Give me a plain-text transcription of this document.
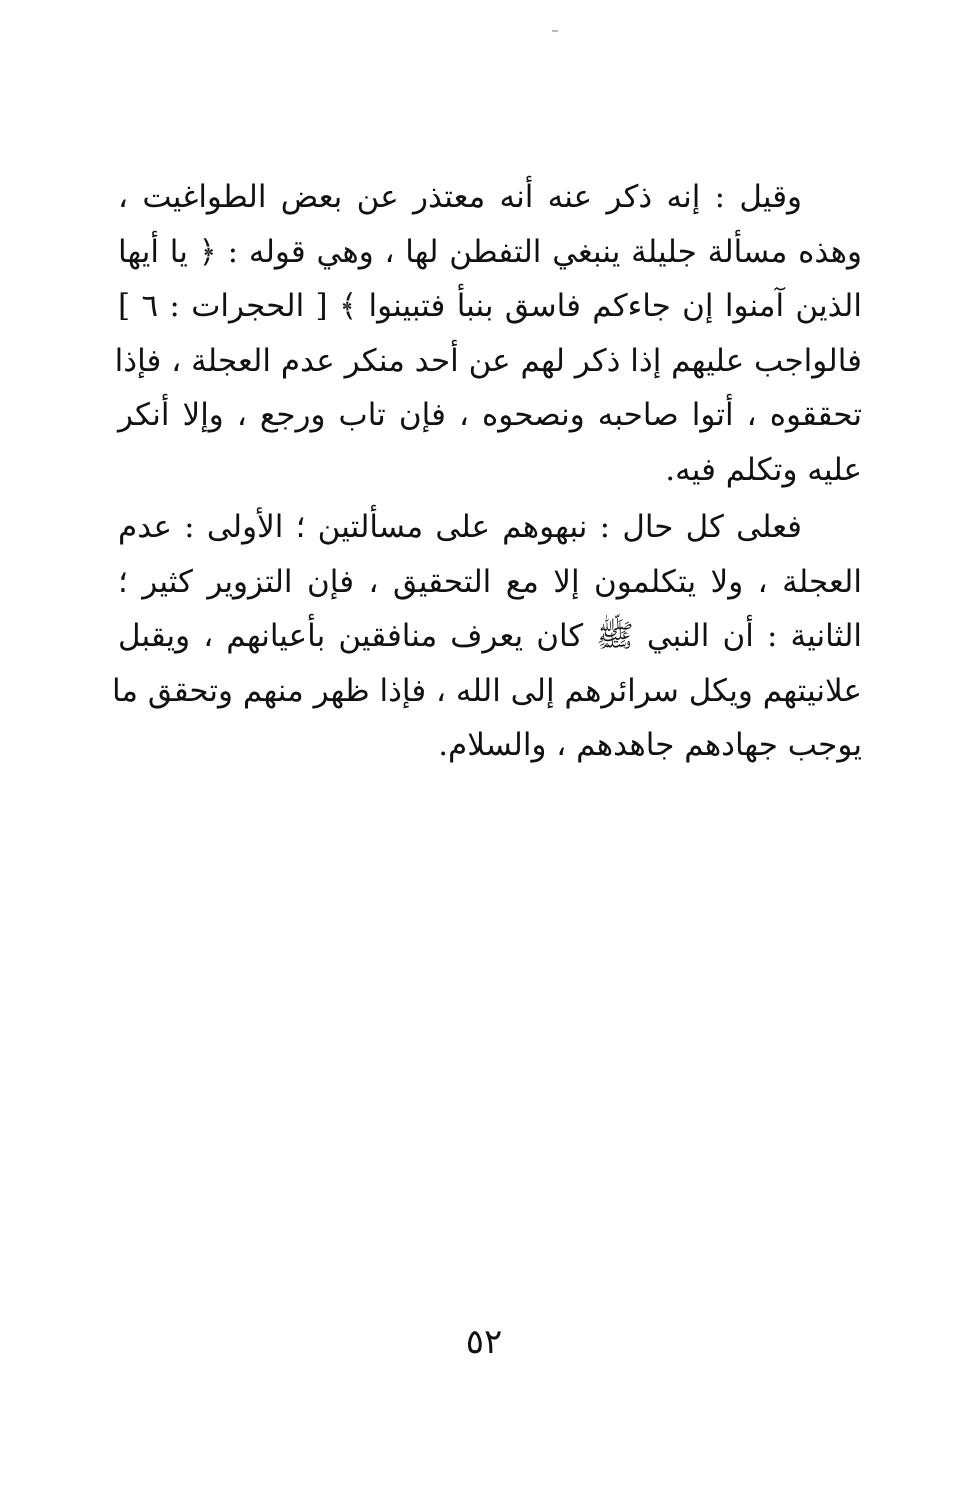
وقيل : إنه ذكر عنه أنه معتذر عن بعض الطواغيت ،
وهذه مسألة جليلة ينبغي التفطن لها ، وهي قوله : ﴿ يا أيها
الذين آمنوا إن جاءكم فاسق بنبأ فتبينوا ﴾ [ الحجرات : ٦ ]
فالواجب عليهم إذا ذكر لهم عن أحد منكر عدم العجلة ، فإذا
تحققوه ، أتوا صاحبه ونصحوه ، فإن تاب ورجع ، وإلا أنكر
عليه وتكلم فيه.
فعلى كل حال : نبهوهم على مسألتين ؛ الأولى : عدم
العجلة ، ولا يتكلمون إلا مع التحقيق ، فإن التزوير كثير ؛
الثانية : أن النبي ﷺ كان يعرف منافقين بأعيانهم ، ويقبل
علانيتهم ويكل سرائرهم إلى الله ، فإذا ظهر منهم وتحقق ما
يوجب جهادهم جاهدهم ، والسلام.
٥٢
